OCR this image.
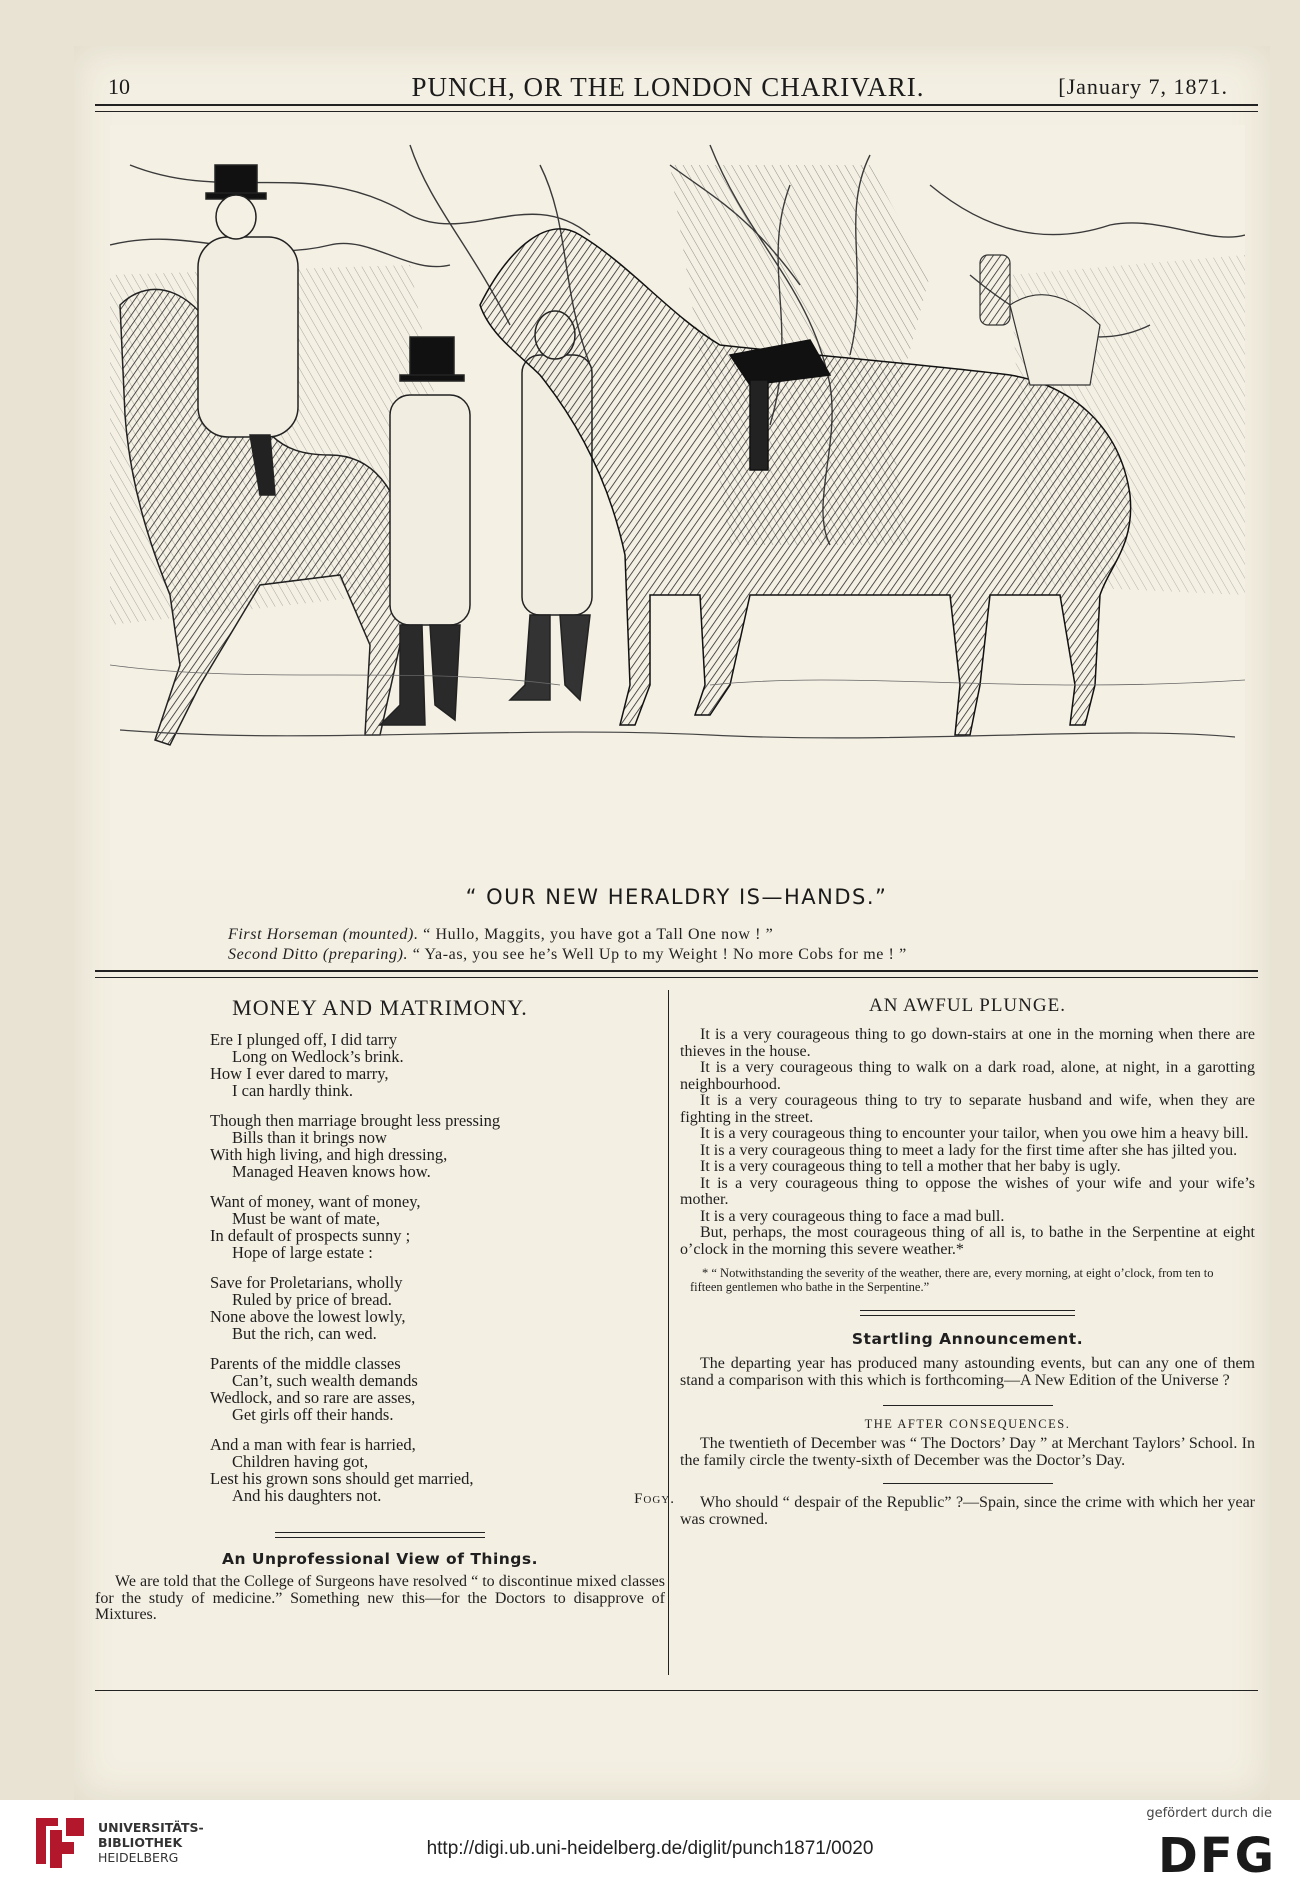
10	PUNCH, OR THE LONDON CHARIVARI.	[January 7, 1871.
“ OUR NEW HERALDRY IS—HANDS.”
First Horseman (mounted). “ Hullo, Maggits, you have got a Tall One now ! ”
Second Ditto (preparing). “ Ya-as, you see he’s Well Up to my Weight ! No more Cobs for me ! ”
MONEY AND MATRIMONY.
Ere I plunged off, I did tarry
Long on Wedlock’s brink.
How I ever dared to marry,
I can hardly think.
Though then marriage brought less pressing
Bills than it brings now
With high living, and high dressing,
Managed Heaven knows how.
Want of money, want of money,
Must be want of mate,
In default of prospects sunny ;
Hope of large estate :
Save for Proletarians, wholly
Ruled by price of bread.
None above the lowest lowly,
But the rich, can wed.
Parents of the middle classes
Can’t, such wealth demands
Wedlock, and so rare are asses,
Get girls off their hands.
And a man with fear is harried,
Children having got,
Lest his grown sons should get married,
And his daughters not.	Fogy.
An Unprofessional View of Things.

We are told that the College of Surgeons have resolved “ to discontinue mixed classes for the study of medicine.” Something new this—for the Doctors to disapprove of Mixtures.

AN AWFUL PLUNGE.

It is a very courageous thing to go down-stairs at one in the morning when there are thieves in the house.

It is a very courageous thing to walk on a dark road, alone, at night, in a garotting neighbourhood.

It is a very courageous thing to try to separate husband and wife, when they are fighting in the street.

It is a very courageous thing to encounter your tailor, when you owe him a heavy bill.

It is a very courageous thing to meet a lady for the first time after she has jilted you.

It is a very courageous thing to tell a mother that her baby is ugly.

It is a very courageous thing to oppose the wishes of your wife and your wife’s mother.

It is a very courageous thing to face a mad bull.

But, perhaps, the most courageous thing of all is, to bathe in the Serpentine at eight o’clock in the morning this severe weather.*

* “ Notwithstanding the severity of the weather, there are, every morning, at eight o’clock, from ten to fifteen gentlemen who bathe in the Serpentine.”
Startling Announcement.

The departing year has produced many astounding events, but can any one of them stand a comparison with this which is forthcoming—A New Edition of the Universe ?

THE AFTER CONSEQUENCES.

The twentieth of December was “ The Doctors’ Day ” at Merchant Taylors’ School. In the family circle the twenty-sixth of December was the Doctor’s Day.

Who should “ despair of the Republic” ?—Spain, since the crime with which her year was crowned.

UNIVERSITÄTS-
BIBLIOTHEK
HEIDELBERG	http://digi.ub.uni-heidelberg.de/diglit/punch1871/0020
gefördert durch die
DFG
